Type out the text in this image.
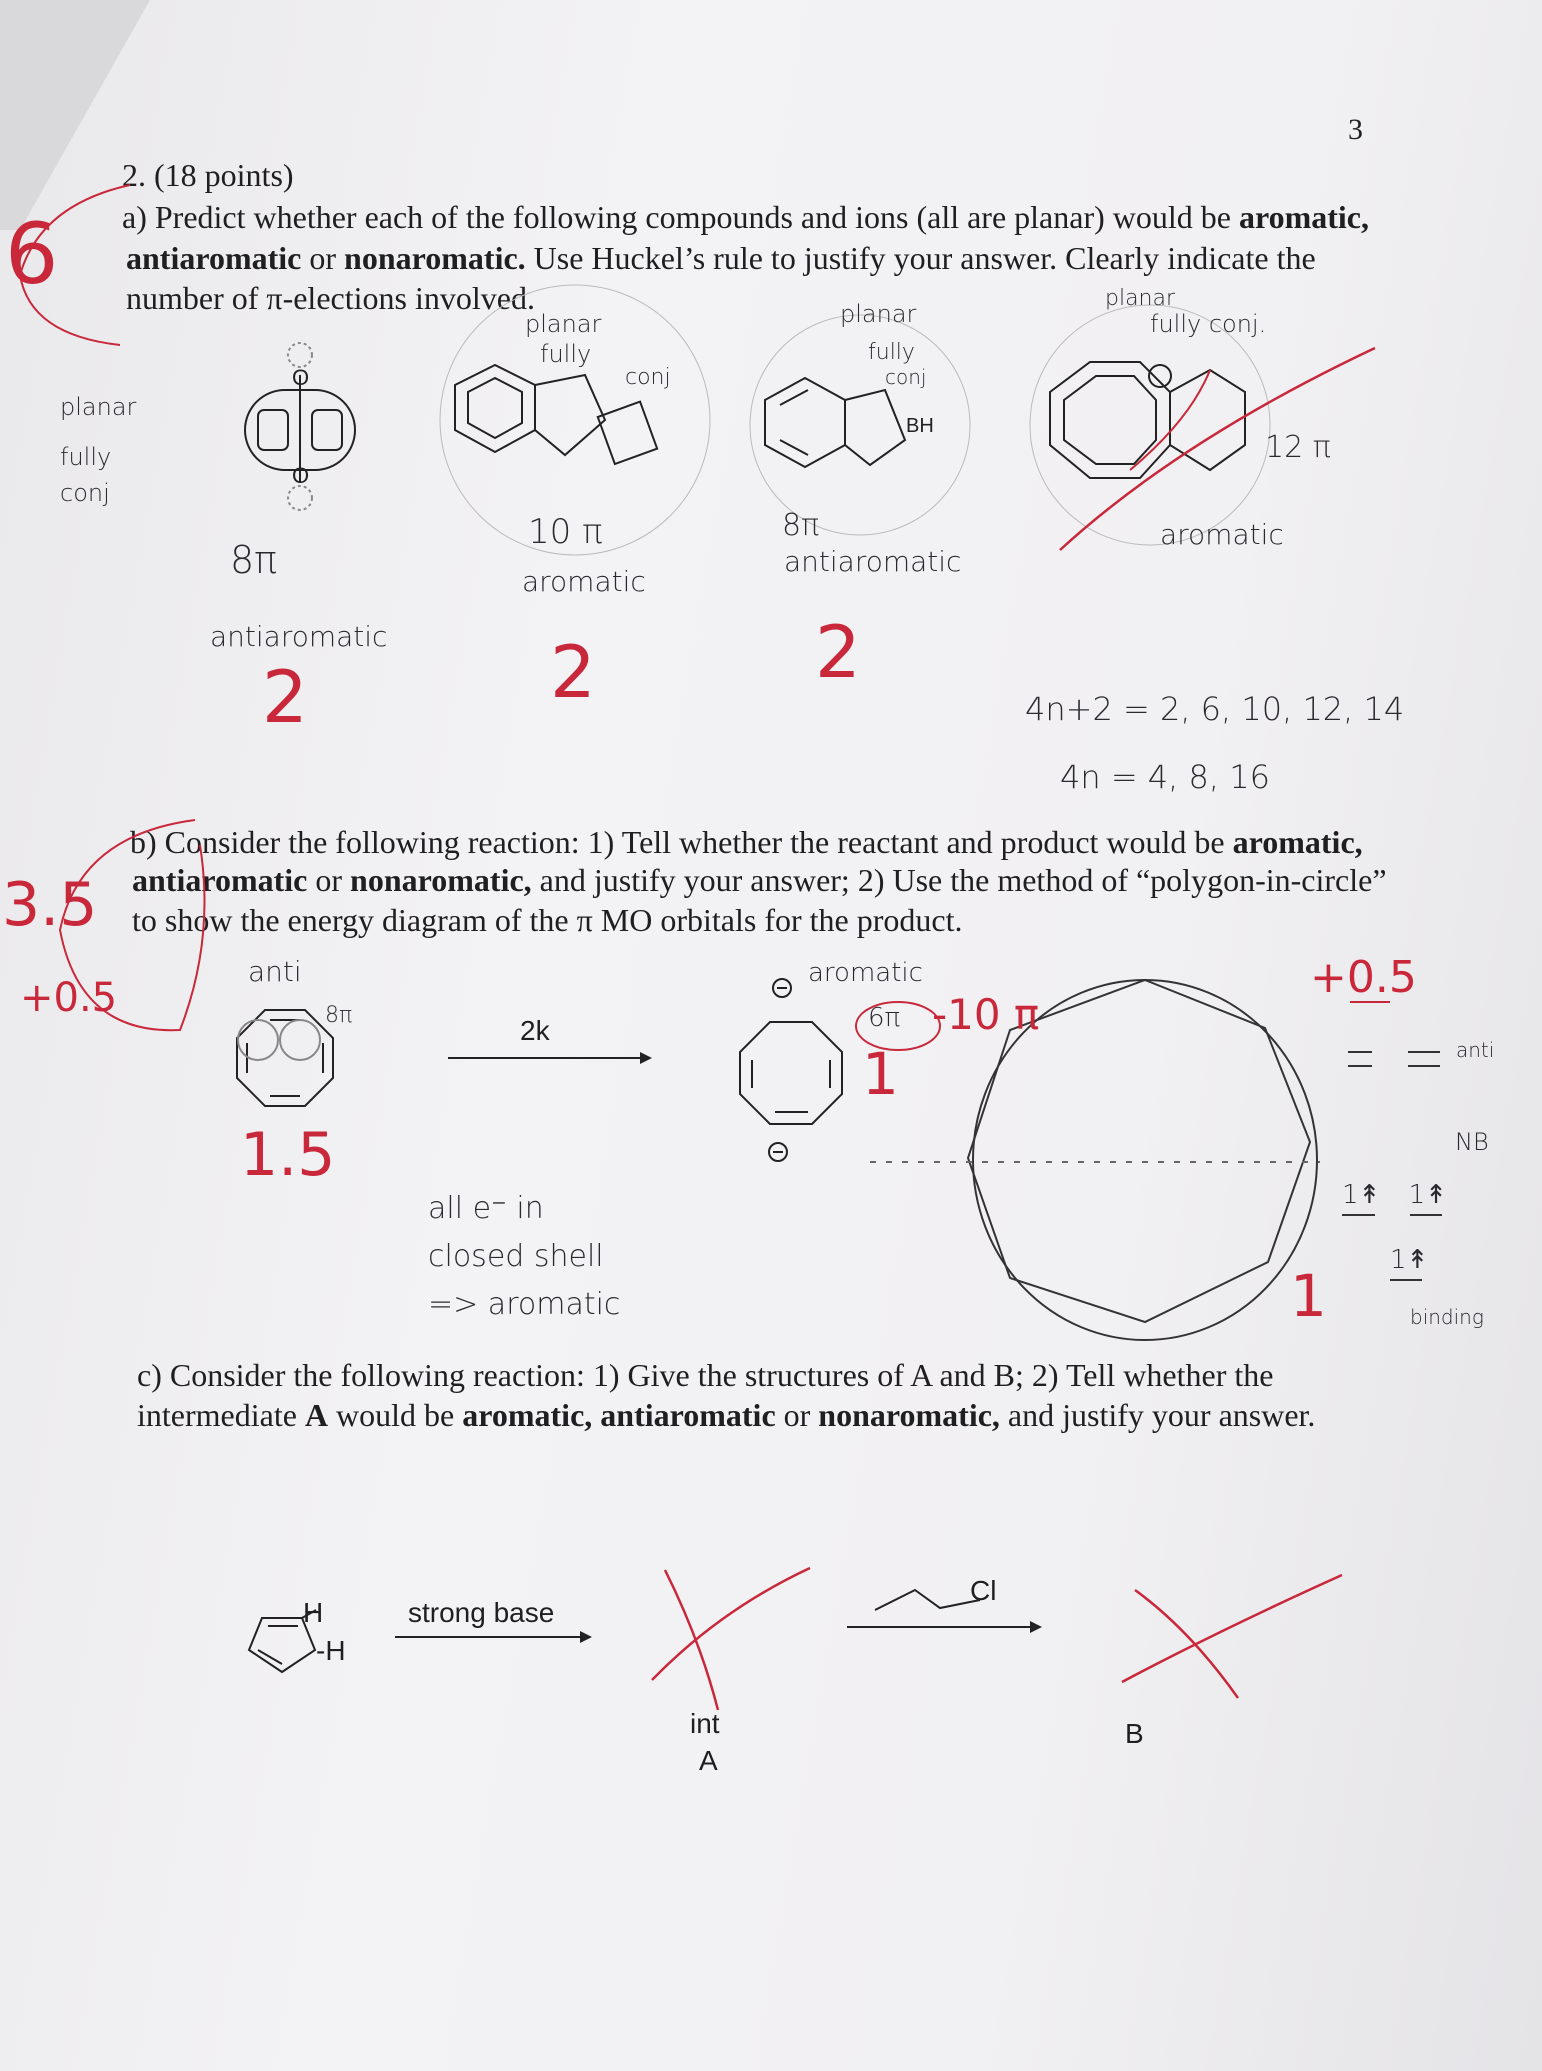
3
2. (18 points)
a) Predict whether each of the following compounds and ions (all are planar) would be aromatic,
antiaromatic or nonaromatic. Use Huckel’s rule to justify your answer. Clearly indicate the
number of π-elections involved.
6
planar
fully
conj
O
O
BH
planar
fully
conj
planar
fully
conj
planar
fully conj.
8π
antiaromatic
10 π
aromatic
8π
antiaromatic
12 π
aromatic
2	2	2
4n+2 = 2, 6, 10, 12, 14
4n = 4, 8, 16
b) Consider the following reaction: 1) Tell whether the reactant and product would be aromatic,
antiaromatic or nonaromatic, and justify your answer; 2) Use the method of “polygon-in-circle”
to show the energy diagram of the π MO orbitals for the product.
3.5
+0.5
anti
8π
1.5
2k
aromatic
6π -10 π
1
1
+0.5
all e⁻ in
closed shell
=> aromatic
anti
NB
binding
1↟ 1↟
1↟
c) Consider the following reaction: 1) Give the structures of A and B; 2) Tell whether the
intermediate A would be aromatic, antiaromatic or nonaromatic, and justify your answer.
H
-H
strong base
Cl
int
A
B
